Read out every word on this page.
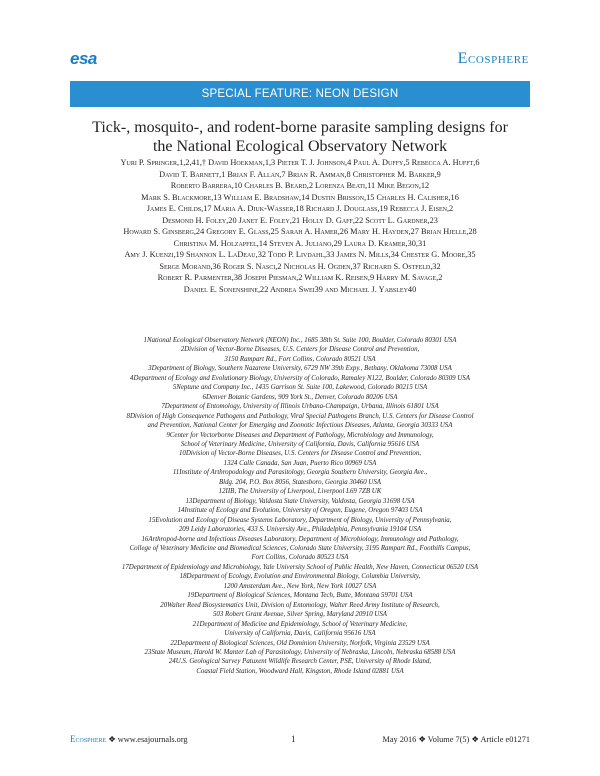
esa	Ecosphere
SPECIAL FEATURE: NEON DESIGN
Tick-, mosquito-, and rodent-borne parasite sampling designs for
the National Ecological Observatory Network

Yuri P. Springer,1,2,41,† David Hoekman,1,3 Pieter T. J. Johnson,4 Paul A. Duffy,5 Rebecca A. Hufft,6

David T. Barnett,1 Brian F. Allan,7 Brian R. Amman,8 Christopher M. Barker,9

Roberto Barrera,10 Charles B. Beard,2 Lorenza Beati,11 Mike Begon,12

Mark S. Blackmore,13 William E. Bradshaw,14 Dustin Brisson,15 Charles H. Calisher,16

James E. Childs,17 Maria A. Diuk-Wasser,18 Richard J. Douglass,19 Rebecca J. Eisen,2

Desmond H. Foley,20 Janet E. Foley,21 Holly D. Gaff,22 Scott L. Gardner,23

Howard S. Ginsberg,24 Gregory E. Glass,25 Sarah A. Hamer,26 Mary H. Hayden,27 Brian Hjelle,28

Christina M. Holzapfel,14 Steven A. Juliano,29 Laura D. Kramer,30,31

Amy J. Kuenzi,19 Shannon L. LaDeau,32 Todd P. Livdahl,33 James N. Mills,34 Chester G. Moore,35

Serge Morand,36 Roger S. Nasci,2 Nicholas H. Ogden,37 Richard S. Ostfeld,32

Robert R. Parmenter,38 Joseph Piesman,2 William K. Reisen,9 Harry M. Savage,2

Daniel E. Sonenshine,22 Andrea Swei39 and Michael J. Yabsley40

1National Ecological Observatory Network (NEON) Inc., 1685 38th St. Suite 100, Boulder, Colorado 80301 USA

2Division of Vector-Borne Diseases, U.S. Centers for Disease Control and Prevention,

3150 Rampart Rd., Fort Collins, Colorado 80521 USA

3Department of Biology, Southern Nazarene University, 6729 NW 39th Expy., Bethany, Oklahoma 73008 USA

4Department of Ecology and Evolutionary Biology, University of Colorado, Ramaley N122, Boulder, Colorado 80309 USA

5Neptune and Company Inc., 1435 Garrison St. Suite 100, Lakewood, Colorado 80215 USA

6Denver Botanic Gardens, 909 York St., Denver, Colorado 80206 USA

7Department of Entomology, University of Illinois Urbana-Champaign, Urbana, Illinois 61801 USA

8Division of High Consequence Pathogens and Pathology, Viral Special Pathogens Branch, U.S. Centers for Disease Control

and Prevention, National Center for Emerging and Zoonotic Infectious Diseases, Atlanta, Georgia 30333 USA

9Center for Vectorborne Diseases and Department of Pathology, Microbiology and Immunology,

School of Veterinary Medicine, University of California, Davis, California 95616 USA

10Division of Vector-Borne Diseases, U.S. Centers for Disease Control and Prevention,

1324 Calle Canada, San Juan, Puerto Rico 00969 USA

11Institute of Arthropodology and Parasitology, Georgia Southern University, Georgia Ave.,

Bldg. 204, P.O. Box 8056, Statesboro, Georgia 30460 USA

12IIB, The University of Liverpool, Liverpool L69 7ZB UK

13Department of Biology, Valdosta State University, Valdosta, Georgia 31698 USA

14Institute of Ecology and Evolution, University of Oregon, Eugene, Oregon 97403 USA

15Evolution and Ecology of Disease Systems Laboratory, Department of Biology, University of Pennsylvania,

209 Leidy Laboratories, 433 S. University Ave., Philadelphia, Pennsylvania 19104 USA

16Arthropod-borne and Infectious Diseases Laboratory, Department of Microbiology, Immunology and Pathology,

College of Veterinary Medicine and Biomedical Sciences, Colorado State University, 3195 Rampart Rd., Foothills Campus,

Fort Collins, Colorado 80523 USA

17Department of Epidemiology and Microbiology, Yale University School of Public Health, New Haven, Connecticut 06520 USA

18Department of Ecology, Evolution and Environmental Biology, Columbia University,

1200 Amsterdam Ave., New York, New York 10027 USA

19Department of Biological Sciences, Montana Tech, Butte, Montana 59701 USA

20Walter Reed Biosystematics Unit, Division of Entomology, Walter Reed Army Institute of Research,

503 Robert Grant Avenue, Silver Spring, Maryland 20910 USA

21Department of Medicine and Epidemiology, School of Veterinary Medicine,

University of California, Davis, California 95616 USA

22Department of Biological Sciences, Old Dominion University, Norfolk, Virginia 23529 USA

23State Museum, Harold W. Manter Lab of Parasitology, University of Nebraska, Lincoln, Nebraska 68588 USA

24U.S. Geological Survey Patuxent Wildlife Research Center, PSE, University of Rhode Island,

Coastal Field Station, Woodward Hall, Kingston, Rhode Island 02881 USA

Ecosphere ❖ www.esajournals.org	1	May 2016 ❖ Volume 7(5) ❖ Article e01271
